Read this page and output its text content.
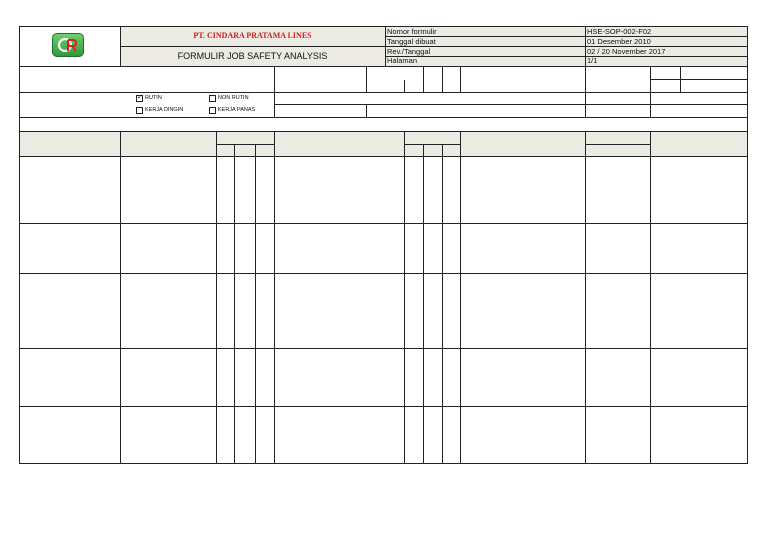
PT. CINDARA PRATAMA LINES
FORMULIR JOB SAFETY ANALYSIS
Nomor formulir
Tanggal dibuat
Rev./Tanggal
Halaman
HSE-SOP-002-F02
01 Desember 2010
02 / 20 November 2017
1/1
✓ RUTIN	NON RUTIN
KERJA DINGIN	KERJA PANAS
